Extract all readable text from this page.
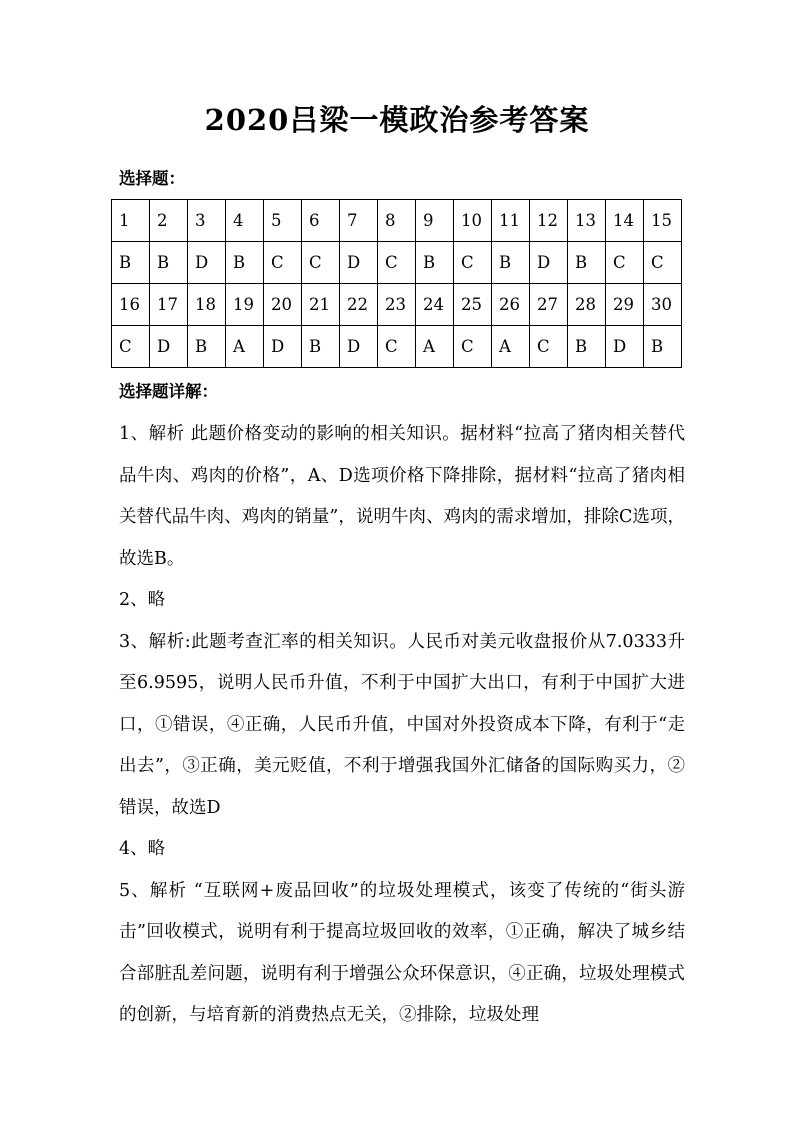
2020吕梁一模政治参考答案
选择题：
1	2	3	4	5	6	7	8	9	10	11	12	13	14	15
B	B	D	B	C	C	D	C	B	C	B	D	B	C	C
16	17	18	19	20	21	22	23	24	25	26	27	28	29	30
C	D	B	A	D	B	D	C	A	C	A	C	B	D	B
选择题详解：

1、解析 此题价格变动的影响的相关知识。据材料“拉高了猪肉相关替代品牛肉、鸡肉的价格”，A、D选项价格下降排除，据材料“拉高了猪肉相关替代品牛肉、鸡肉的销量”，说明牛肉、鸡肉的需求增加，排除C选项，故选B。

2、略

3、解析:此题考查汇率的相关知识。人民币对美元收盘报价从7.0333升至6.9595，说明人民币升值，不利于中国扩大出口，有利于中国扩大进口，①错误，④正确，人民币升值，中国对外投资成本下降，有利于“走出去”，③正确，美元贬值，不利于增强我国外汇储备的国际购买力，②错误，故选D

4、略

5、解析 “互联网+废品回收”的垃圾处理模式，该变了传统的“街头游击”回收模式，说明有利于提高垃圾回收的效率，①正确，解决了城乡结合部脏乱差问题，说明有利于增强公众环保意识，④正确，垃圾处理模式的创新，与培育新的消费热点无关，②排除，垃圾处理
